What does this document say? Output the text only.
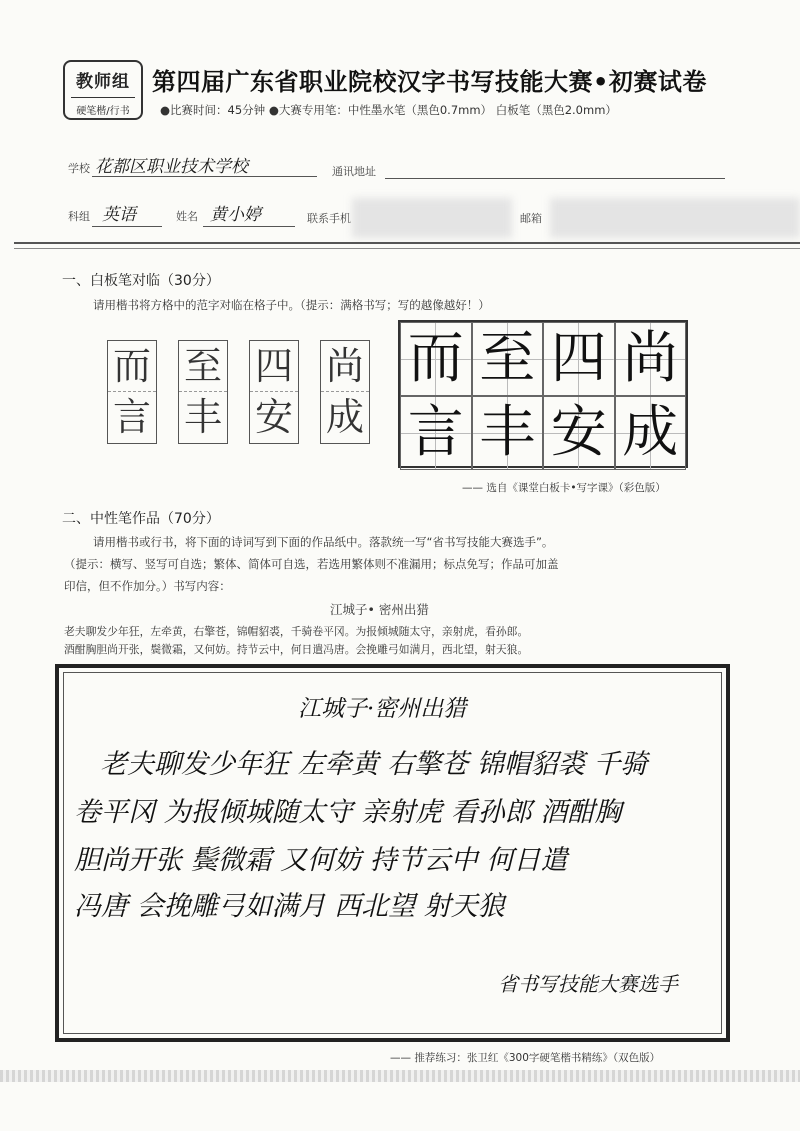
教师组
硬笔楷/行书
第四届广东省职业院校汉字书写技能大赛•初赛试卷
●比赛时间：45分钟 ●大赛专用笔：中性墨水笔（黑色0.7mm） 白板笔（黑色2.0mm）
学校 花都区职业技术学校	通讯地址
科组 英语	姓名 黄小婷	联系手机	邮箱
一、白板笔对临（30分）
请用楷书将方格中的范字对临在格子中。（提示：满格书写；写的越像越好！）
而
言
至
丰
四
安
尚
成
而 至 四 尚
言 丰 安 成
—— 选自《课堂白板卡•写字课》（彩色版）
二、中性笔作品（70分）
请用楷书或行书，将下面的诗词写到下面的作品纸中。落款统一写“省书写技能大赛选手”。
（提示：横写、竖写可自选；繁体、简体可自选，若选用繁体则不准漏用；标点免写；作品可加盖
印信，但不作加分。）书写内容：
江城子• 密州出猎
老夫聊发少年狂，左牵黄，右擎苍，锦帽貂裘，千骑卷平冈。为报倾城随太守，亲射虎，看孙郎。
酒酣胸胆尚开张，鬓微霜，又何妨。持节云中，何日遣冯唐。会挽雕弓如满月，西北望，射天狼。
江城子·密州出猎
老夫聊发少年狂 左牵黄 右擎苍 锦帽貂裘 千骑
卷平冈 为报倾城随太守 亲射虎 看孙郎 酒酣胸
胆尚开张 鬓微霜 又何妨 持节云中 何日遣
冯唐 会挽雕弓如满月 西北望 射天狼
省书写技能大赛选手
—— 推荐练习：张卫红《300字硬笔楷书精练》（双色版）
